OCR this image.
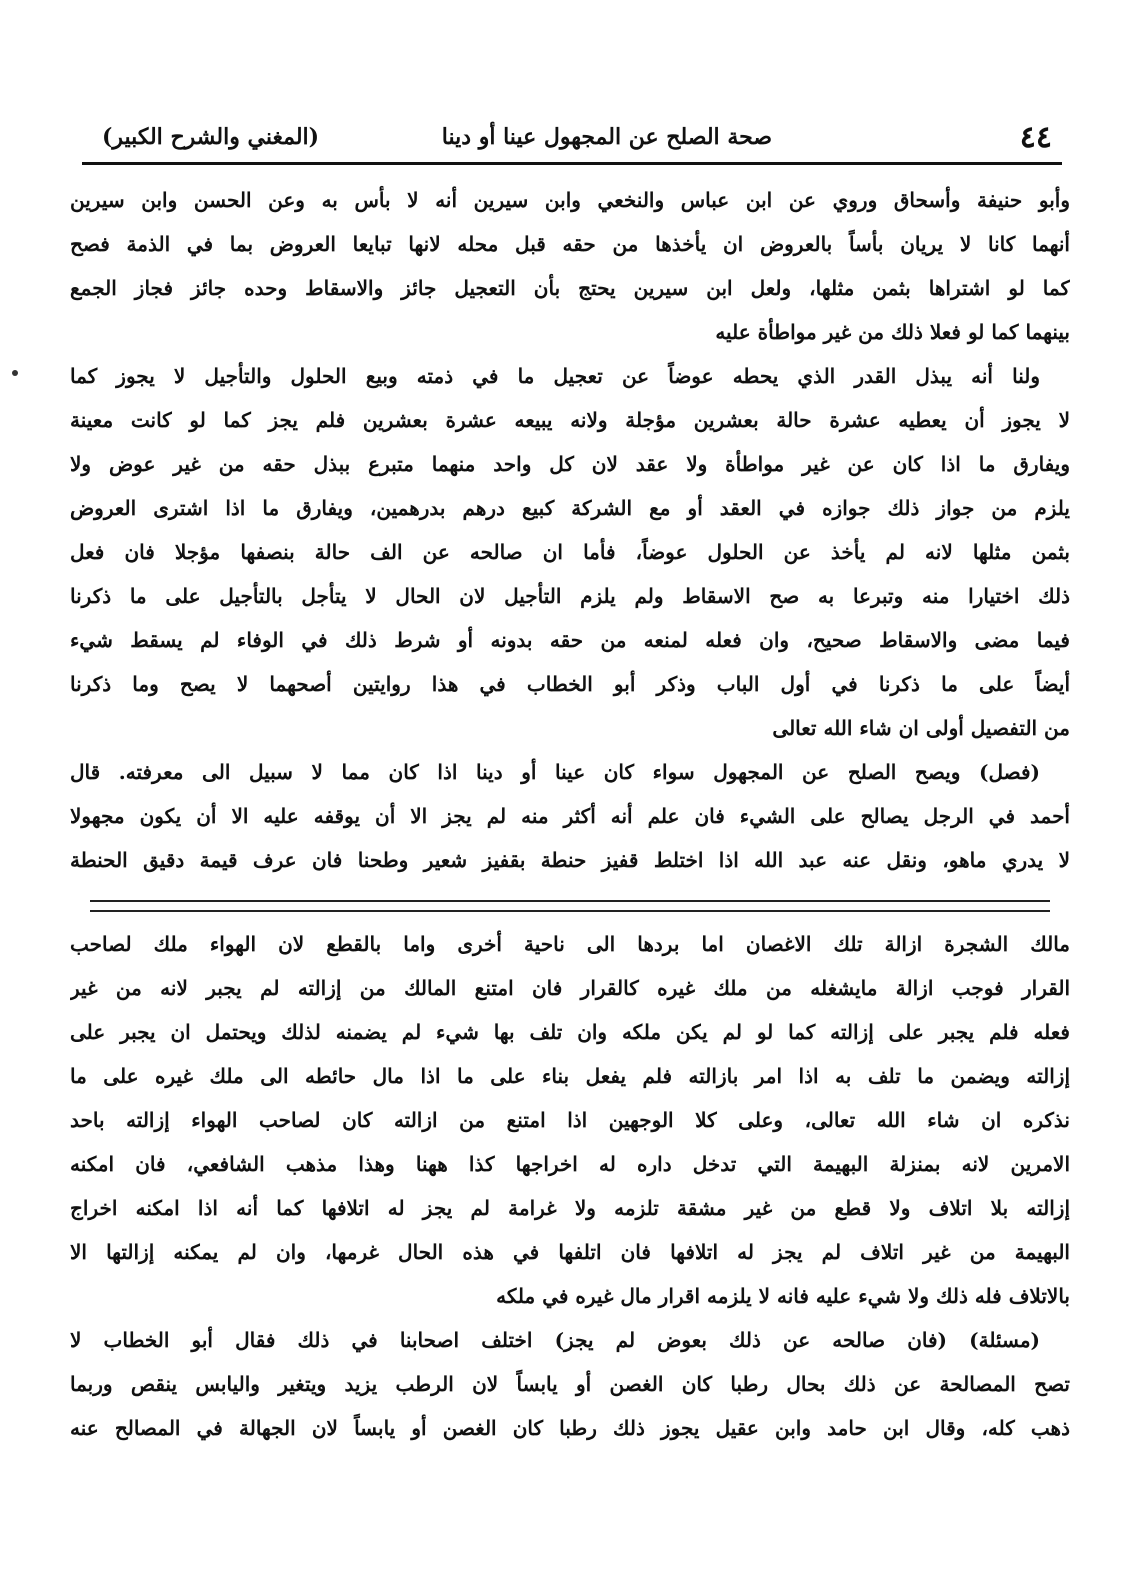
٤٤
صحة الصلح عن المجهول عينا أو دينا
(المغني والشرح الكبير)
وأبو حنيفة وأسحاق وروي عن ابن عباس والنخعي وابن سيرين أنه لا بأس به وعن الحسن وابن سيرين
أنهما كانا لا يريان بأساً بالعروض ان يأخذها من حقه قبل محله لانها تبايعا العروض بما في الذمة فصح
كما لو اشتراها بثمن مثلها، ولعل ابن سيرين يحتج بأن التعجيل جائز والاسقاط وحده جائز فجاز الجمع
بينهما كما لو فعلا ذلك من غير مواطأة عليه
ولنا أنه يبذل القدر الذي يحطه عوضاً عن تعجيل ما في ذمته وبيع الحلول والتأجيل لا يجوز كما
لا يجوز أن يعطيه عشرة حالة بعشرين مؤجلة ولانه يبيعه عشرة بعشرين فلم يجز كما لو كانت معينة
ويفارق ما اذا كان عن غير مواطأة ولا عقد لان كل واحد منهما متبرع ببذل حقه من غير عوض ولا
يلزم من جواز ذلك جوازه في العقد أو مع الشركة كبيع درهم بدرهمين، ويفارق ما اذا اشترى العروض
بثمن مثلها لانه لم يأخذ عن الحلول عوضاً، فأما ان صالحه عن الف حالة بنصفها مؤجلا فان فعل
ذلك اختيارا منه وتبرعا به صح الاسقاط ولم يلزم التأجيل لان الحال لا يتأجل بالتأجيل على ما ذكرنا
فيما مضى والاسقاط صحيح، وان فعله لمنعه من حقه بدونه أو شرط ذلك في الوفاء لم يسقط شيء
أيضاً على ما ذكرنا في أول الباب وذكر أبو الخطاب في هذا روايتين أصحهما لا يصح وما ذكرنا
من التفصيل أولى ان شاء الله تعالى
(فصل) ويصح الصلح عن المجهول سواء كان عينا أو دينا اذا كان مما لا سبيل الى معرفته. قال
أحمد في الرجل يصالح على الشيء فان علم أنه أكثر منه لم يجز الا أن يوقفه عليه الا أن يكون مجهولا
لا يدري ماهو، ونقل عنه عبد الله اذا اختلط قفيز حنطة بقفيز شعير وطحنا فان عرف قيمة دقيق الحنطة
مالك الشجرة ازالة تلك الاغصان اما بردها الى ناحية أخرى واما بالقطع لان الهواء ملك لصاحب
القرار فوجب ازالة مايشغله من ملك غيره كالقرار فان امتنع المالك من إزالته لم يجبر لانه من غير
فعله فلم يجبر على إزالته كما لو لم يكن ملكه وان تلف بها شيء لم يضمنه لذلك ويحتمل ان يجبر على
إزالته ويضمن ما تلف به اذا امر بازالته فلم يفعل بناء على ما اذا مال حائطه الى ملك غيره على ما
نذكره ان شاء الله تعالى، وعلى كلا الوجهين اذا امتنع من ازالته كان لصاحب الهواء إزالته باحد
الامرين لانه بمنزلة البهيمة التي تدخل داره له اخراجها كذا ههنا وهذا مذهب الشافعي، فان امكنه
إزالته بلا اتلاف ولا قطع من غير مشقة تلزمه ولا غرامة لم يجز له اتلافها كما أنه اذا امكنه اخراج
البهيمة من غير اتلاف لم يجز له اتلافها فان اتلفها في هذه الحال غرمها، وان لم يمكنه إزالتها الا
بالاتلاف فله ذلك ولا شيء عليه فانه لا يلزمه اقرار مال غيره في ملكه
(مسئلة) (فان صالحه عن ذلك بعوض لم يجز) اختلف اصحابنا في ذلك فقال أبو الخطاب لا
تصح المصالحة عن ذلك بحال رطبا كان الغصن أو يابساً لان الرطب يزيد ويتغير واليابس ينقص وربما
ذهب كله، وقال ابن حامد وابن عقيل يجوز ذلك رطبا كان الغصن أو يابساً لان الجهالة في المصالح عنه
